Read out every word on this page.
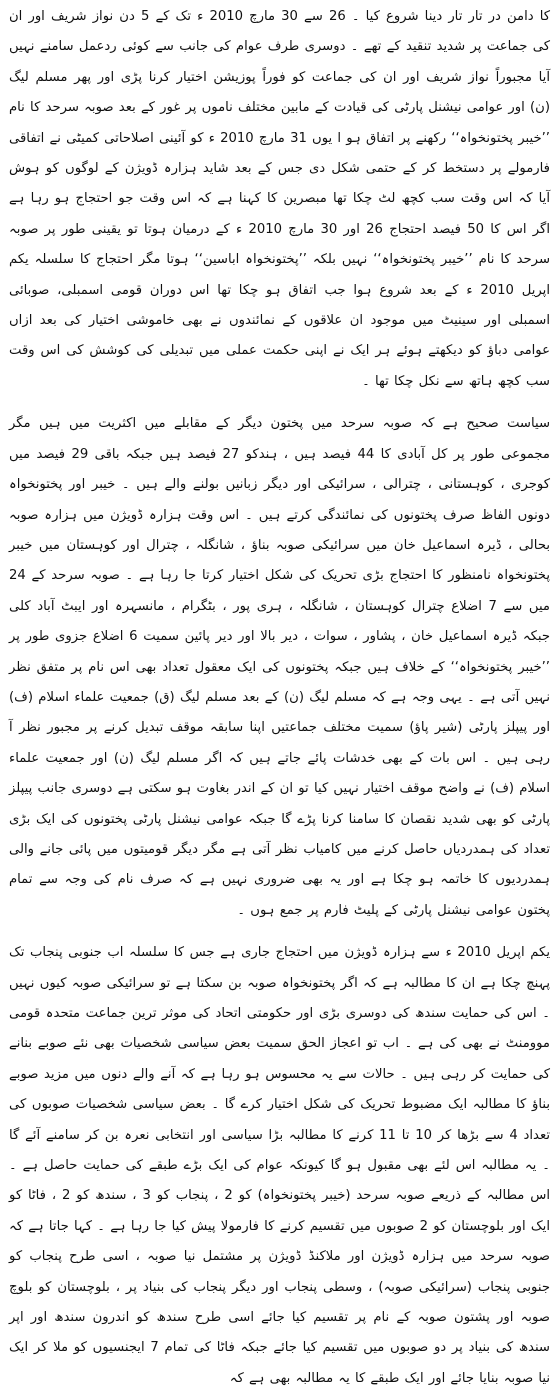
کا دامن در تار تار دینا شروع کیا ۔ 26 سے 30 مارچ 2010 ء تک کے 5 دن نواز شریف اور ان کی جماعت پر شدید تنقید کے تھے ۔ دوسری طرف عوام کی جانب سے کوئی ردعمل سامنے نہیں آیا مجبوراً نواز شریف اور ان کی جماعت کو فوراً پوزیشن اختیار کرنا پڑی اور پھر مسلم لیگ (ن) اور عوامی نیشنل پارٹی کی قیادت کے مابین مختلف ناموں پر غور کے بعد صوبہ سرحد کا نام ’’خیبر پختونخواہ‘‘ رکھنے پر اتفاق ہو ا یوں 31 مارچ 2010 ء کو آئینی اصلاحاتی کمیٹی نے اتفاقی فارمولے پر دستخط کر کے حتمی شکل دی جس کے بعد شاید ہزارہ ڈویژن کے لوگوں کو ہوش آیا کہ اس وقت سب کچھ لٹ چکا تھا مبصرین کا کہنا ہے کہ اس وقت جو احتجاج ہو رہا ہے اگر اس کا 50 فیصد احتجاج 26 اور 30 مارچ 2010 ء کے درمیان ہوتا تو یقینی طور پر صوبہ سرحد کا نام ’’خیبر پختونخواہ‘‘ نہیں بلکہ ’’پختونخواہ اباسین‘‘ ہوتا مگر احتجاج کا سلسلہ یکم اپریل 2010 ء کے بعد شروع ہوا جب اتفاق ہو چکا تھا اس دوران قومی اسمبلی، صوبائی اسمبلی اور سینیٹ میں موجود ان علاقوں کے نمائندوں نے بھی خاموشی اختیار کی بعد ازاں عوامی دباؤ کو دیکھتے ہوئے ہر ایک نے اپنی حکمت عملی میں تبدیلی کی کوشش کی اس وقت سب کچھ ہاتھ سے نکل چکا تھا ۔

سیاست صحیح ہے کہ صوبہ سرحد میں پختون دیگر کے مقابلے میں اکثریت میں ہیں مگر مجموعی طور پر کل آبادی کا 44 فیصد ہیں ، ہندکو 27 فیصد ہیں جبکہ باقی 29 فیصد میں کوجری ، کوہستانی ، چترالی ، سرائیکی اور دیگر زبانیں بولنے والے ہیں ۔ خیبر اور پختونخواہ دونوں الفاظ صرف پختونوں کی نمائندگی کرتے ہیں ۔ اس وقت ہزارہ ڈویژن میں ہزارہ صوبہ بحالی ، ڈیرہ اسماعیل خان میں سرائیکی صوبہ بناؤ ، شانگلہ ، چترال اور کوہستان میں خیبر پختونخواہ نامنظور کا احتجاج بڑی تحریک کی شکل اختیار کرتا جا رہا ہے ۔ صوبہ سرحد کے 24 میں سے 7 اضلاع چترال کوہستان ، شانگلہ ، ہری پور ، بٹگرام ، مانسہرہ اور ایبٹ آباد کلی جبکہ ڈیرہ اسماعیل خان ، پشاور ، سوات ، دیر بالا اور دیر پائین سمیت 6 اضلاع جزوی طور پر ’’خیبر پختونخواہ‘‘ کے خلاف ہیں جبکہ پختونوں کی ایک معقول تعداد بھی اس نام پر متفق نظر نہیں آتی ہے ۔ یہی وجہ ہے کہ مسلم لیگ (ن) کے بعد مسلم لیگ (ق) جمعیت علماء اسلام (ف) اور پیپلز پارٹی (شیر پاؤ) سمیت مختلف جماعتیں اپنا سابقہ موقف تبدیل کرنے پر مجبور نظر آ رہی ہیں ۔ اس بات کے بھی خدشات پائے جاتے ہیں کہ اگر مسلم لیگ (ن) اور جمعیت علماء اسلام (ف) نے واضح موقف اختیار نہیں کیا تو ان کے اندر بغاوت ہو سکتی ہے دوسری جانب پیپلز پارٹی کو بھی شدید نقصان کا سامنا کرنا پڑے گا جبکہ عوامی نیشنل پارٹی پختونوں کی ایک بڑی تعداد کی ہمدردیاں حاصل کرنے میں کامیاب نظر آتی ہے مگر دیگر قومیتوں میں پائی جانے والی ہمدردیوں کا خاتمہ ہو چکا ہے اور یہ بھی ضروری نہیں ہے کہ صرف نام کی وجہ سے تمام پختون عوامی نیشنل پارٹی کے پلیٹ فارم پر جمع ہوں ۔

یکم اپریل 2010 ء سے ہزارہ ڈویژن میں احتجاج جاری ہے جس کا سلسلہ اب جنوبی پنجاب تک پہنچ چکا ہے ان کا مطالبہ ہے کہ اگر پختونخواہ صوبہ بن سکتا ہے تو سرائیکی صوبہ کیوں نہیں ۔ اس کی حمایت سندھ کی دوسری بڑی اور حکومتی اتحاد کی موثر ترین جماعت متحدہ قومی موومنٹ نے بھی کی ہے ۔ اب تو اعجاز الحق سمیت بعض سیاسی شخصیات بھی نئے صوبے بنانے کی حمایت کر رہی ہیں ۔ حالات سے یہ محسوس ہو رہا ہے کہ آنے والے دنوں میں مزید صوبے بناؤ کا مطالبہ ایک مضبوط تحریک کی شکل اختیار کرے گا ۔ بعض سیاسی شخصیات صوبوں کی تعداد 4 سے بڑھا کر 10 تا 11 کرنے کا مطالبہ بڑا سیاسی اور انتخابی نعرہ بن کر سامنے آئے گا ۔ یہ مطالبہ اس لئے بھی مقبول ہو گا کیونکہ عوام کی ایک بڑے طبقے کی حمایت حاصل ہے ۔ اس مطالبہ کے ذریعے صوبہ سرحد (خیبر پختونخواہ) کو 2 ، پنجاب کو 3 ، سندھ کو 2 ، فاٹا کو ایک اور بلوچستان کو 2 صوبوں میں تقسیم کرنے کا فارمولا پیش کیا جا رہا ہے ۔ کہا جاتا ہے کہ صوبہ سرحد میں ہزارہ ڈویژن اور ملاکنڈ ڈویژن پر مشتمل نیا صوبہ ، اسی طرح پنجاب کو جنوبی پنجاب (سرائیکی صوبہ) ، وسطی پنجاب اور دیگر پنجاب کی بنیاد پر ، بلوچستان کو بلوچ صوبہ اور پشتون صوبہ کے نام پر تقسیم کیا جائے اسی طرح سندھ کو اندرون سندھ اور اپر سندھ کی بنیاد پر دو صوبوں میں تقسیم کیا جائے جبکہ فاٹا کی تمام 7 ایجنسیوں کو ملا کر ایک نیا صوبہ بنایا جائے اور ایک طبقے کا یہ مطالبہ بھی ہے کہ
